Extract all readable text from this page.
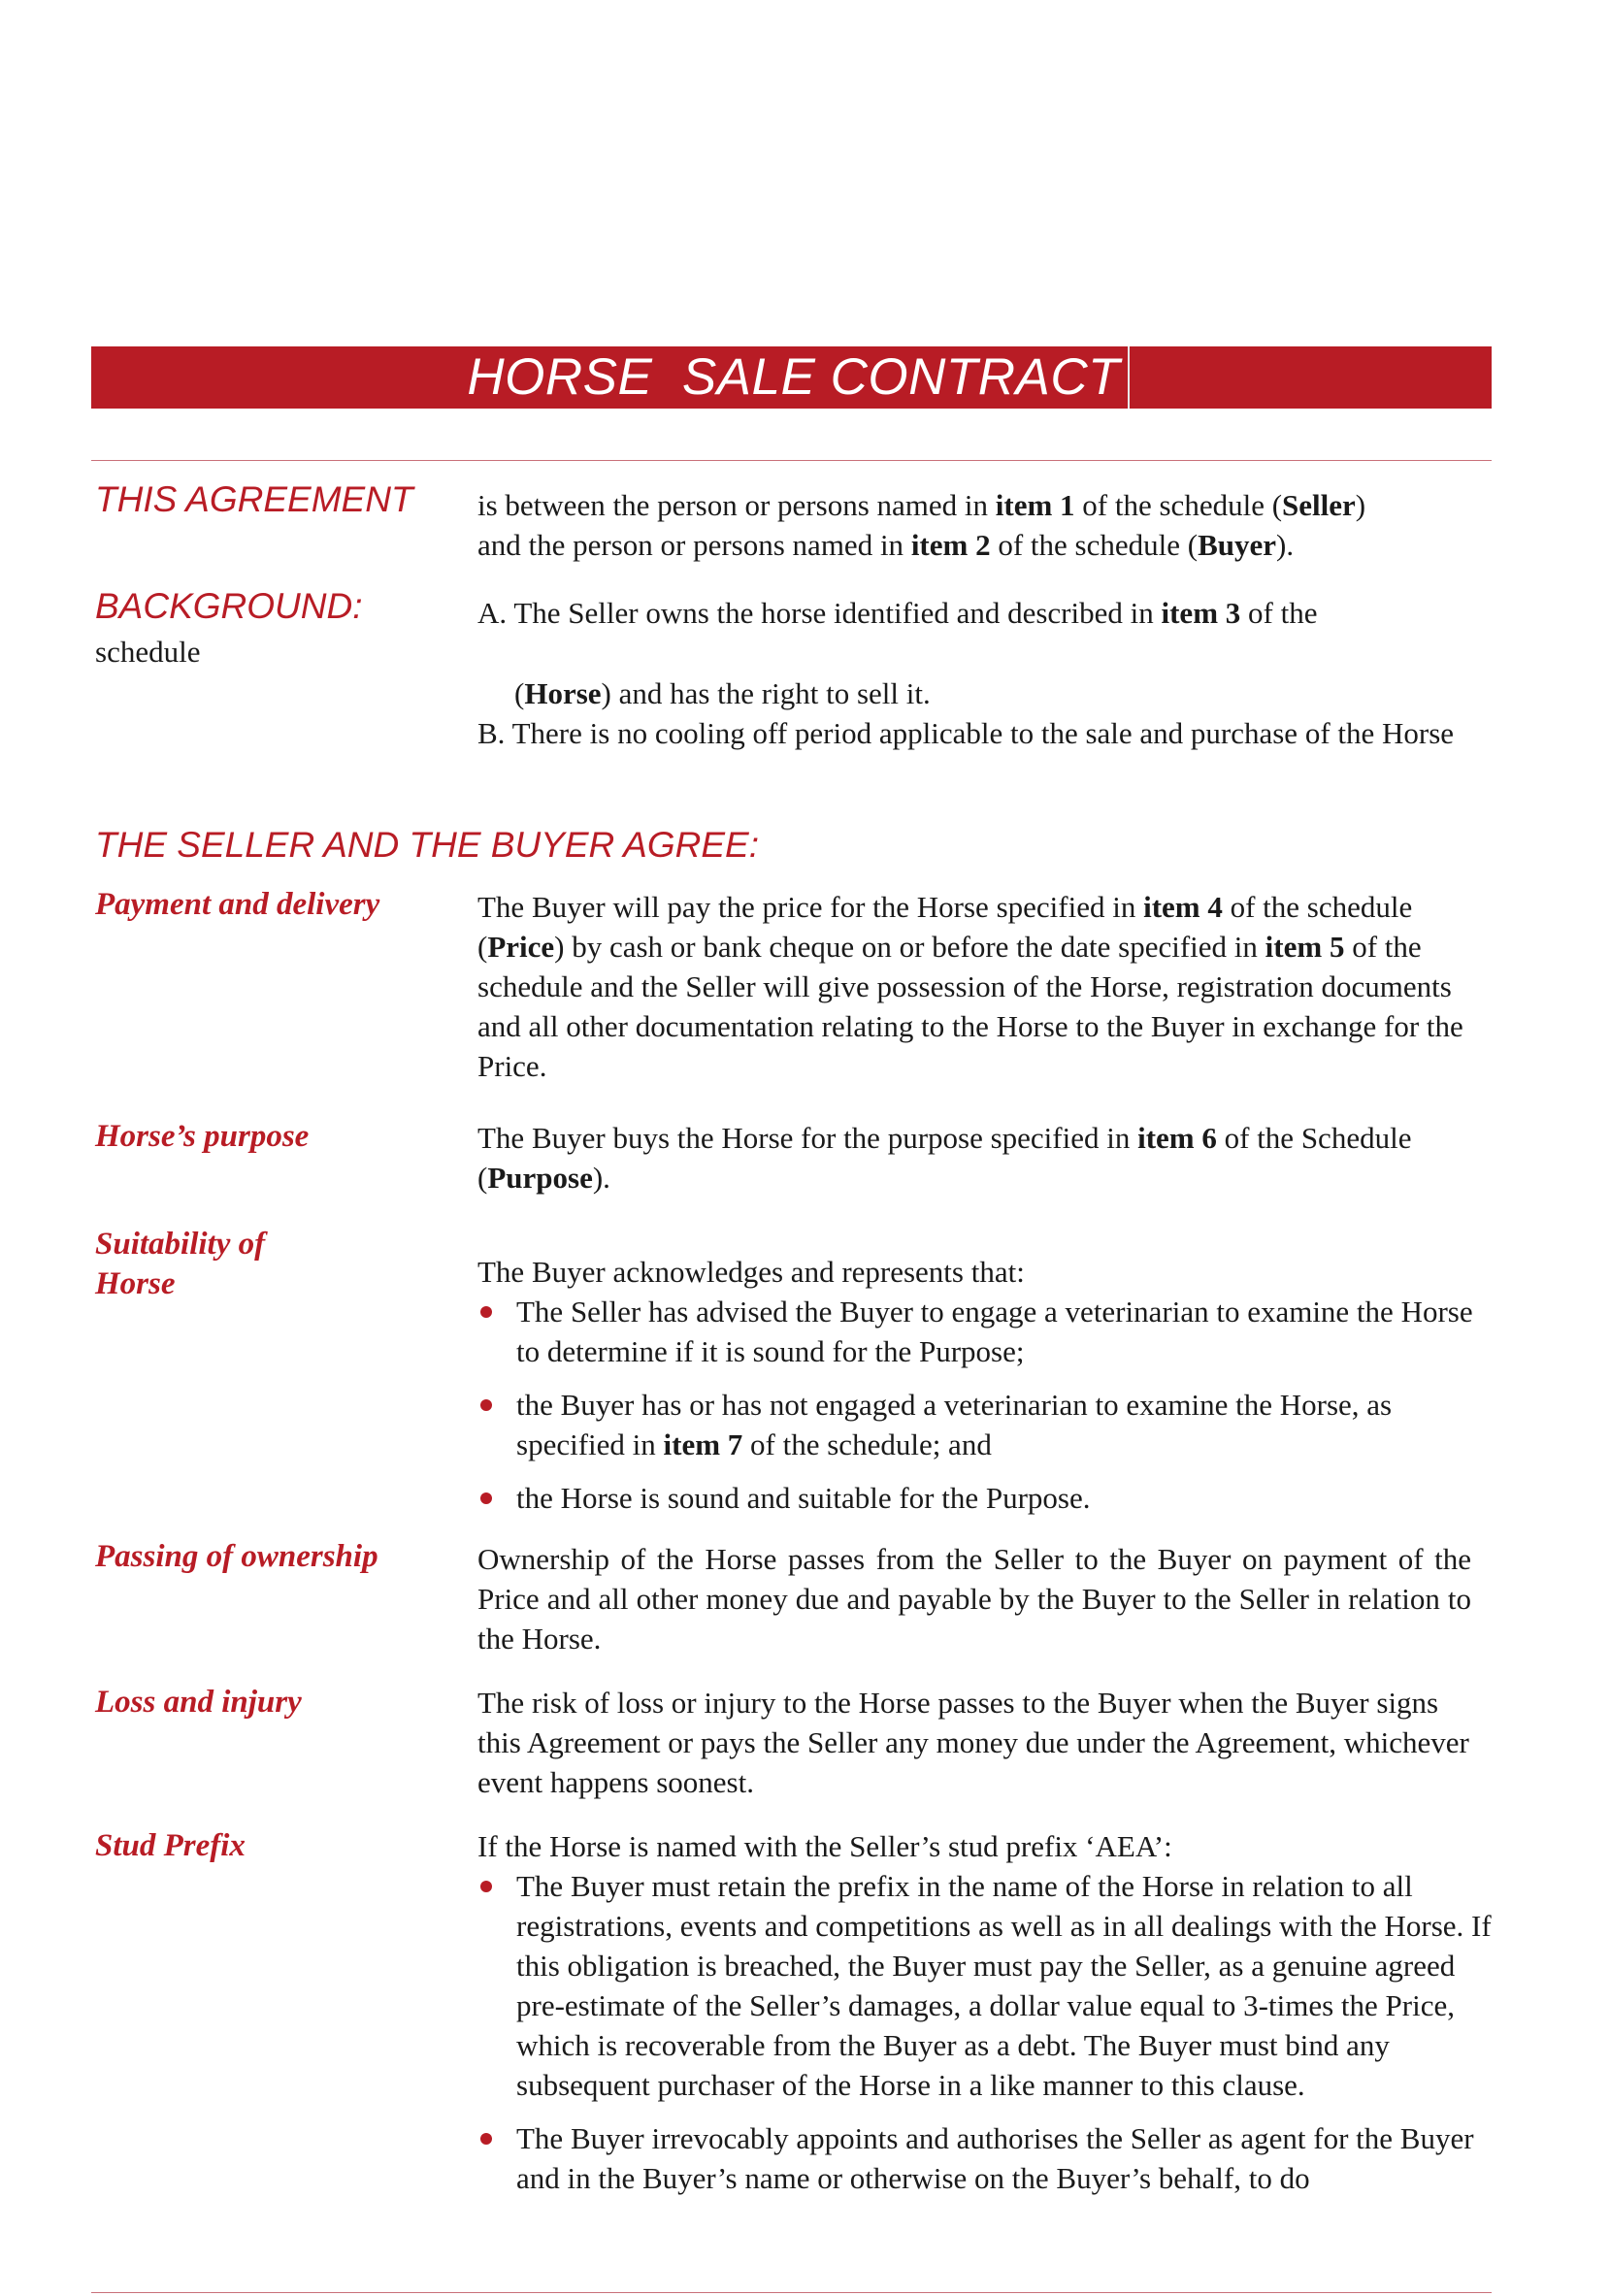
HORSE  SALE CONTRACT
THIS AGREEMENT is between the person or persons named in item 1 of the schedule (Seller)

and the person or persons named in item 2 of the schedule (Buyer).

BACKGROUND:	A. The Seller owns the horse identified and described in item 3 of the
schedule
(Horse) and has the right to sell it.

B. There is no cooling off period applicable to the sale and purchase of the Horse

THE SELLER AND THE BUYER AGREE:
Payment and delivery	The Buyer will pay the price for the Horse specified in item 4 of the schedule (Price) by cash or bank cheque on or before the date specified in item 5 of the schedule and the Seller will give possession of the Horse, registration documents and all other documentation relating to the Horse to the Buyer in exchange for the Price.

Horse’s purpose	The Buyer buys the Horse for the purpose specified in item 6 of the Schedule (Purpose).

Suitability of
Horse	The Buyer acknowledges and represents that:

The Seller has advised the Buyer to engage a veterinarian to examine the Horse to determine if it is sound for the Purpose;
the Buyer has or has not engaged a veterinarian to examine the Horse, as specified in item 7 of the schedule; and
the Horse is sound and suitable for the Purpose.
Passing of ownership	Ownership of the Horse passes from the Seller to the Buyer on payment of the Price and all other money due and payable by the Buyer to the Seller in relation to the Horse.

Loss and injury	The risk of loss or injury to the Horse passes to the Buyer when the Buyer signs this Agreement or pays the Seller any money due under the Agreement, whichever event happens soonest.

Stud Prefix	If the Horse is named with the Seller’s stud prefix ‘AEA’:

The Buyer must retain the prefix in the name of the Horse in relation to all registrations, events and competitions as well as in all dealings with the Horse. If this obligation is breached, the Buyer must pay the Seller, as a genuine agreed pre-estimate of the Seller’s damages, a dollar value equal to 3-times the Price, which is recoverable from the Buyer as a debt. The Buyer must bind any subsequent purchaser of the Horse in a like manner to this clause.
The Buyer irrevocably appoints and authorises the Seller as agent for the Buyer and in the Buyer’s name or otherwise on the Buyer’s behalf, to do
